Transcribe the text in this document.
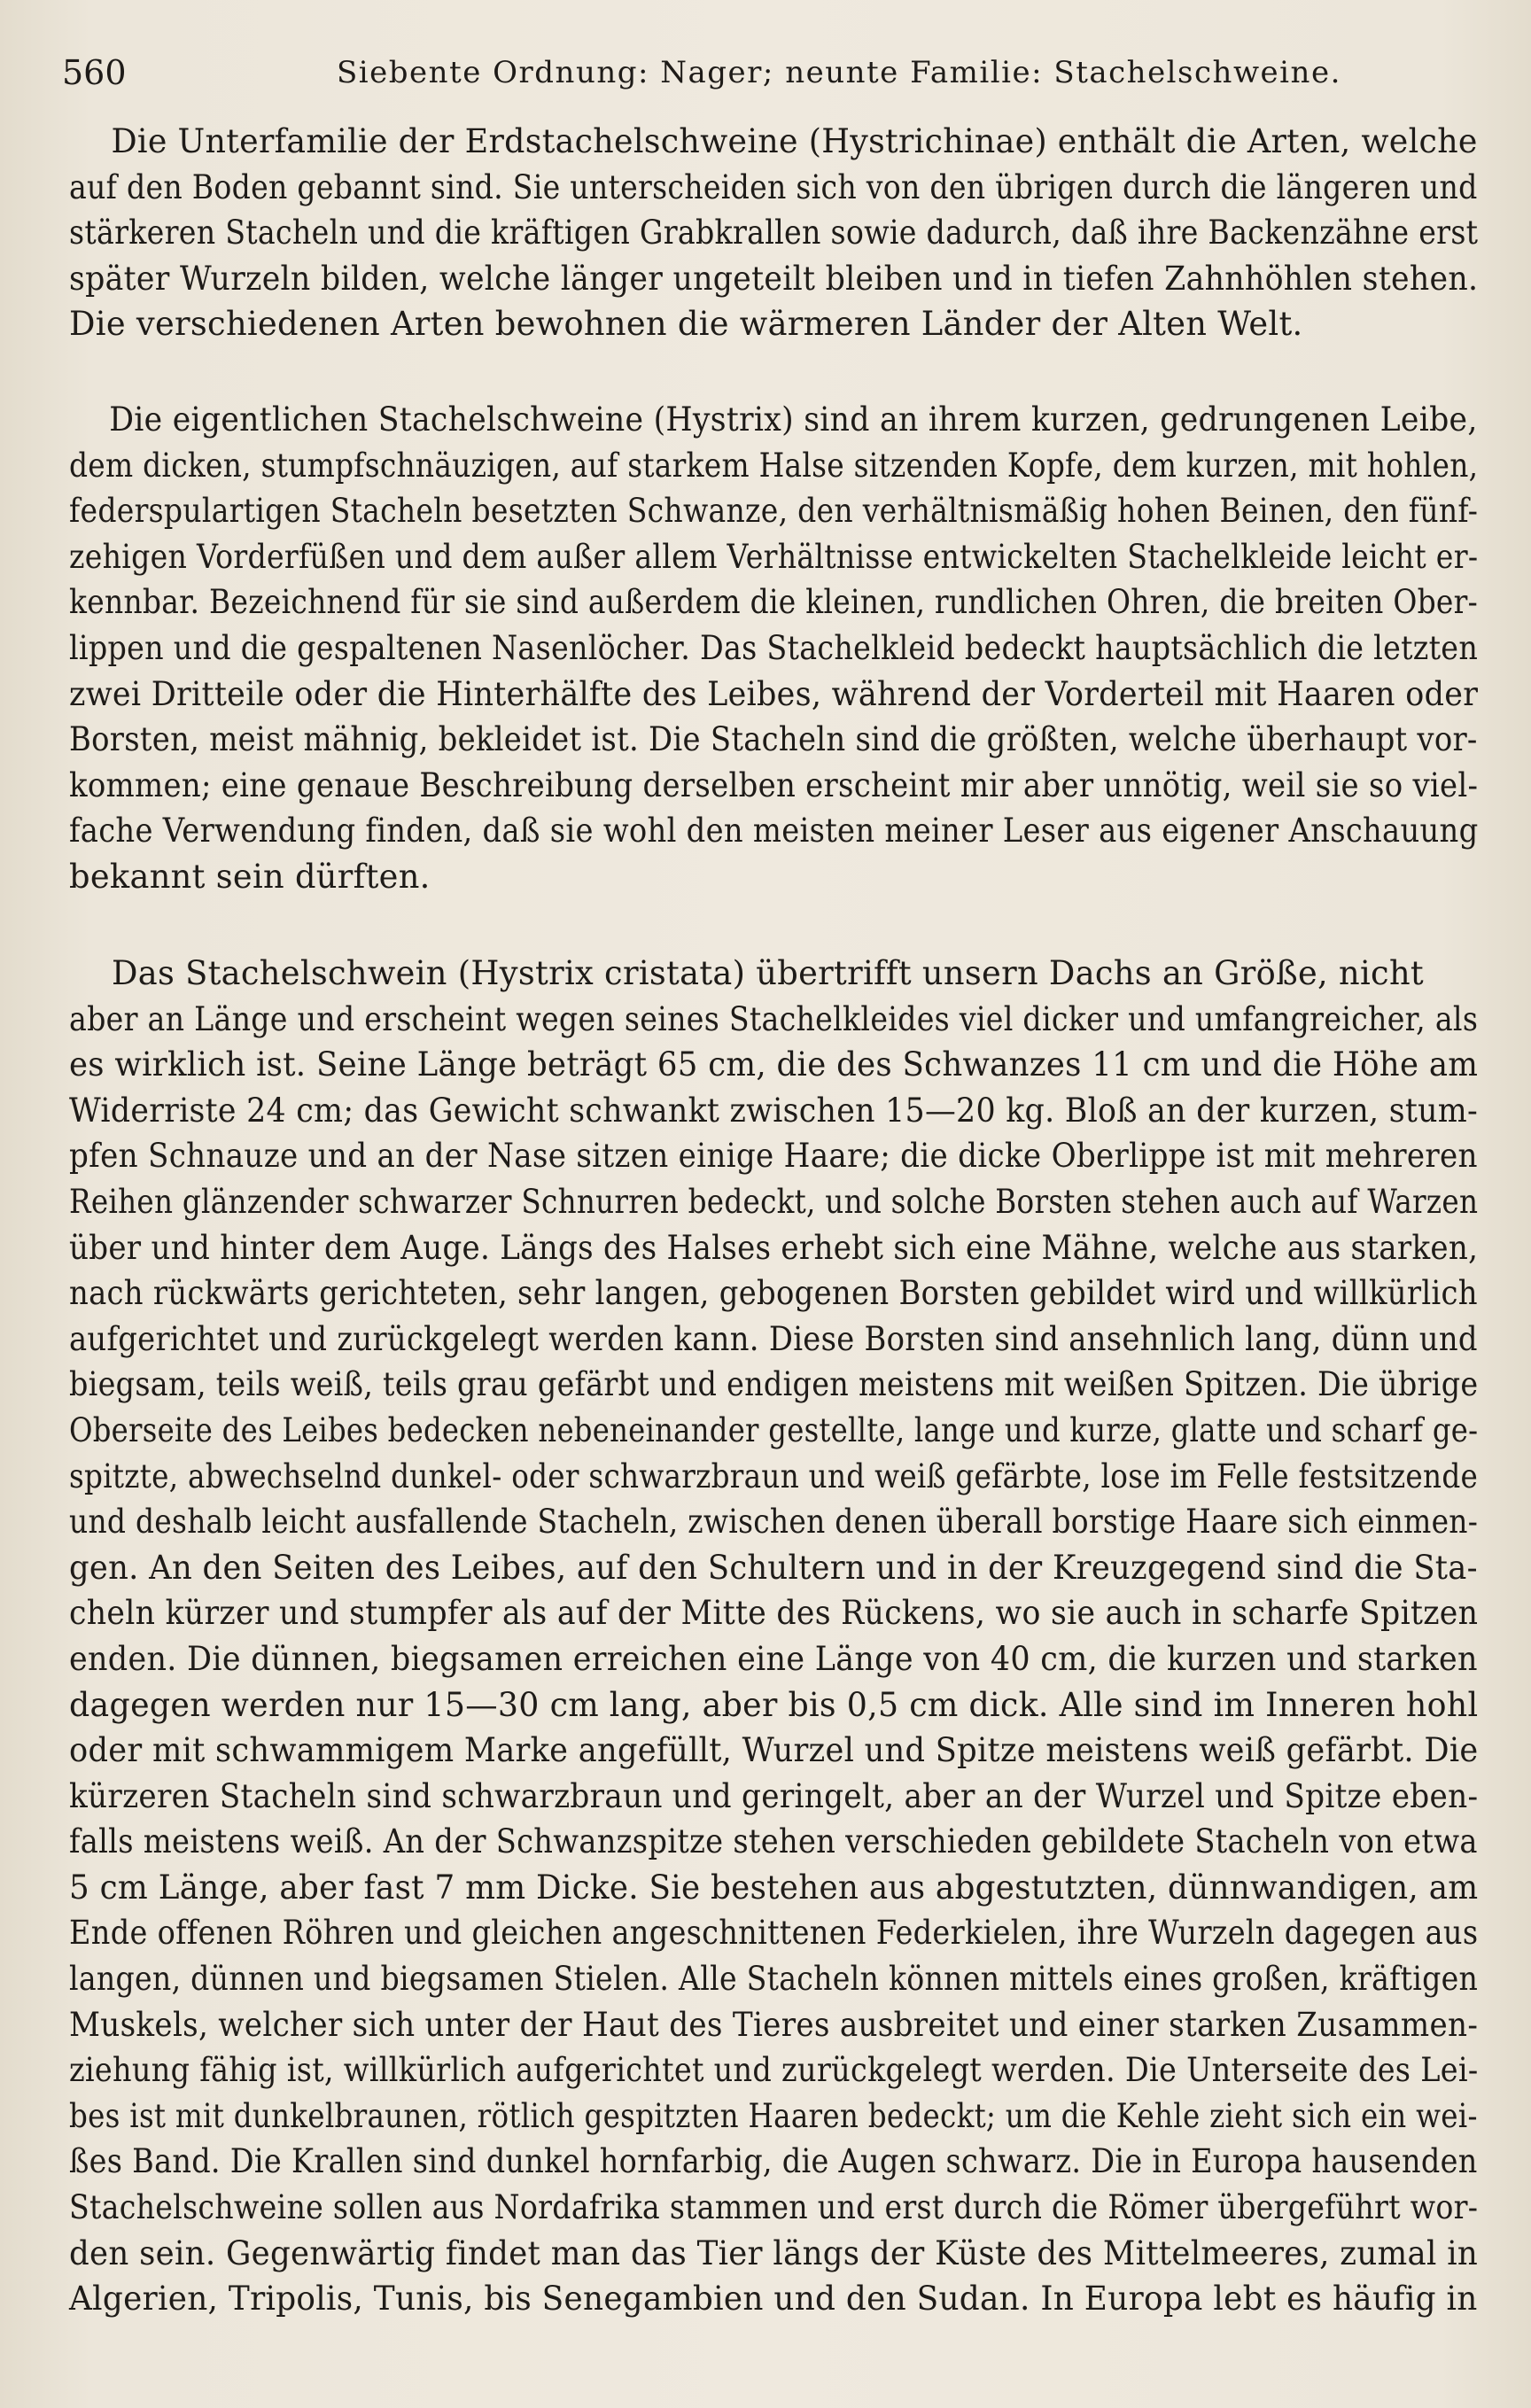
560	Siebente Ordnung: Nager; neunte Familie: Stachelschweine.
Die Unterfamilie der Erdstachelschweine (Hystrichinae) enthält die Arten, welche
auf den Boden gebannt sind. Sie unterscheiden sich von den übrigen durch die längeren und
stärkeren Stacheln und die kräftigen Grabkrallen sowie dadurch, daß ihre Backenzähne erst
später Wurzeln bilden, welche länger ungeteilt bleiben und in tiefen Zahnhöhlen stehen.
Die verschiedenen Arten bewohnen die wärmeren Länder der Alten Welt.
Die eigentlichen Stachelschweine (Hystrix) sind an ihrem kurzen, gedrungenen Leibe,
dem dicken, stumpfschnäuzigen, auf starkem Halse sitzenden Kopfe, dem kurzen, mit hohlen,
federspulartigen Stacheln besetzten Schwanze, den verhältnismäßig hohen Beinen, den fünf-
zehigen Vorderfüßen und dem außer allem Verhältnisse entwickelten Stachelkleide leicht er-
kennbar. Bezeichnend für sie sind außerdem die kleinen, rundlichen Ohren, die breiten Ober-
lippen und die gespaltenen Nasenlöcher. Das Stachelkleid bedeckt hauptsächlich die letzten
zwei Dritteile oder die Hinterhälfte des Leibes, während der Vorderteil mit Haaren oder
Borsten, meist mähnig, bekleidet ist. Die Stacheln sind die größten, welche überhaupt vor-
kommen; eine genaue Beschreibung derselben erscheint mir aber unnötig, weil sie so viel-
fache Verwendung finden, daß sie wohl den meisten meiner Leser aus eigener Anschauung
bekannt sein dürften.
Das Stachelschwein (Hystrix cristata) übertrifft unsern Dachs an Größe, nicht
aber an Länge und erscheint wegen seines Stachelkleides viel dicker und umfangreicher, als
es wirklich ist. Seine Länge beträgt 65 cm, die des Schwanzes 11 cm und die Höhe am
Widerriste 24 cm; das Gewicht schwankt zwischen 15—20 kg. Bloß an der kurzen, stum-
pfen Schnauze und an der Nase sitzen einige Haare; die dicke Oberlippe ist mit mehreren
Reihen glänzender schwarzer Schnurren bedeckt, und solche Borsten stehen auch auf Warzen
über und hinter dem Auge. Längs des Halses erhebt sich eine Mähne, welche aus starken,
nach rückwärts gerichteten, sehr langen, gebogenen Borsten gebildet wird und willkürlich
aufgerichtet und zurückgelegt werden kann. Diese Borsten sind ansehnlich lang, dünn und
biegsam, teils weiß, teils grau gefärbt und endigen meistens mit weißen Spitzen. Die übrige
Oberseite des Leibes bedecken nebeneinander gestellte, lange und kurze, glatte und scharf ge-
spitzte, abwechselnd dunkel- oder schwarzbraun und weiß gefärbte, lose im Felle festsitzende
und deshalb leicht ausfallende Stacheln, zwischen denen überall borstige Haare sich einmen-
gen. An den Seiten des Leibes, auf den Schultern und in der Kreuzgegend sind die Sta-
cheln kürzer und stumpfer als auf der Mitte des Rückens, wo sie auch in scharfe Spitzen
enden. Die dünnen, biegsamen erreichen eine Länge von 40 cm, die kurzen und starken
dagegen werden nur 15—30 cm lang, aber bis 0,5 cm dick. Alle sind im Inneren hohl
oder mit schwammigem Marke angefüllt, Wurzel und Spitze meistens weiß gefärbt. Die
kürzeren Stacheln sind schwarzbraun und geringelt, aber an der Wurzel und Spitze eben-
falls meistens weiß. An der Schwanzspitze stehen verschieden gebildete Stacheln von etwa
5 cm Länge, aber fast 7 mm Dicke. Sie bestehen aus abgestutzten, dünnwandigen, am
Ende offenen Röhren und gleichen angeschnittenen Federkielen, ihre Wurzeln dagegen aus
langen, dünnen und biegsamen Stielen. Alle Stacheln können mittels eines großen, kräftigen
Muskels, welcher sich unter der Haut des Tieres ausbreitet und einer starken Zusammen-
ziehung fähig ist, willkürlich aufgerichtet und zurückgelegt werden. Die Unterseite des Lei-
bes ist mit dunkelbraunen, rötlich gespitzten Haaren bedeckt; um die Kehle zieht sich ein wei-
ßes Band. Die Krallen sind dunkel hornfarbig, die Augen schwarz. Die in Europa hausenden
Stachelschweine sollen aus Nordafrika stammen und erst durch die Römer übergeführt wor-
den sein. Gegenwärtig findet man das Tier längs der Küste des Mittelmeeres, zumal in
Algerien, Tripolis, Tunis, bis Senegambien und den Sudan. In Europa lebt es häufig in
